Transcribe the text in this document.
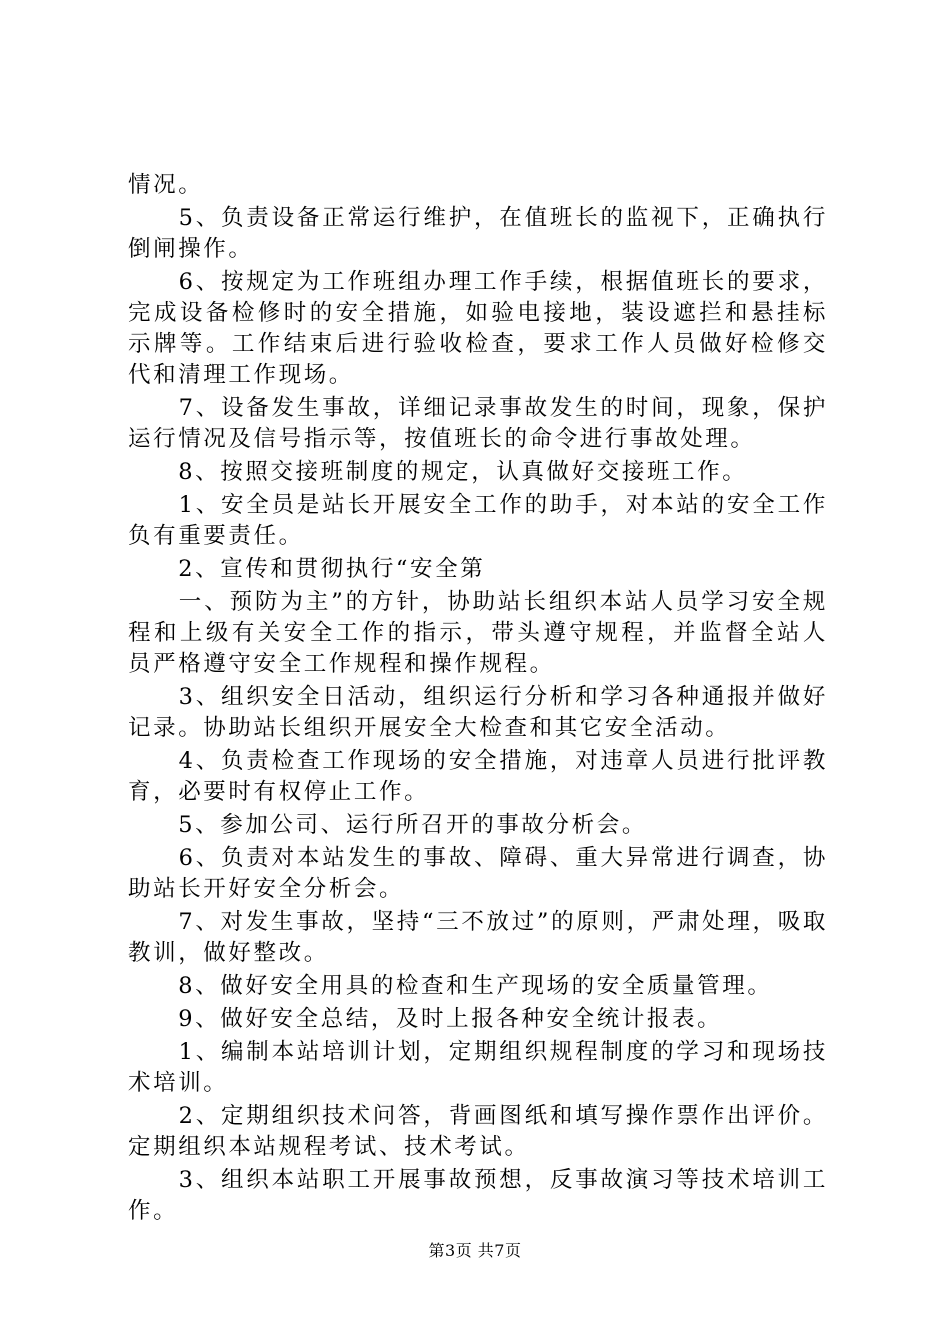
情况。

　　5、负责设备正常运行维护，在值班长的监视下，正确执行倒闸操作。

　　6、按规定为工作班组办理工作手续，根据值班长的要求，完成设备检修时的安全措施，如验电接地，装设遮拦和悬挂标示牌等。工作结束后进行验收检查，要求工作人员做好检修交代和清理工作现场。

　　7、设备发生事故，详细记录事故发生的时间，现象，保护运行情况及信号指示等，按值班长的命令进行事故处理。

　　8、按照交接班制度的规定，认真做好交接班工作。

　　1、安全员是站长开展安全工作的助手，对本站的安全工作负有重要责任。

　　2、宣传和贯彻执行“安全第

　　一、预防为主”的方针，协助站长组织本站人员学习安全规程和上级有关安全工作的指示，带头遵守规程，并监督全站人员严格遵守安全工作规程和操作规程。

　　3、组织安全日活动，组织运行分析和学习各种通报并做好记录。协助站长组织开展安全大检查和其它安全活动。

　　4、负责检查工作现场的安全措施，对违章人员进行批评教育，必要时有权停止工作。

　　5、参加公司、运行所召开的事故分析会。

　　6、负责对本站发生的事故、障碍、重大异常进行调查，协助站长开好安全分析会。

　　7、对发生事故，坚持“三不放过”的原则，严肃处理，吸取教训，做好整改。

　　8、做好安全用具的检查和生产现场的安全质量管理。

　　9、做好安全总结，及时上报各种安全统计报表。

　　1、编制本站培训计划，定期组织规程制度的学习和现场技术培训。

　　2、定期组织技术问答，背画图纸和填写操作票作出评价。定期组织本站规程考试、技术考试。

　　3、组织本站职工开展事故预想，反事故演习等技术培训工作。

第3页 共7页
